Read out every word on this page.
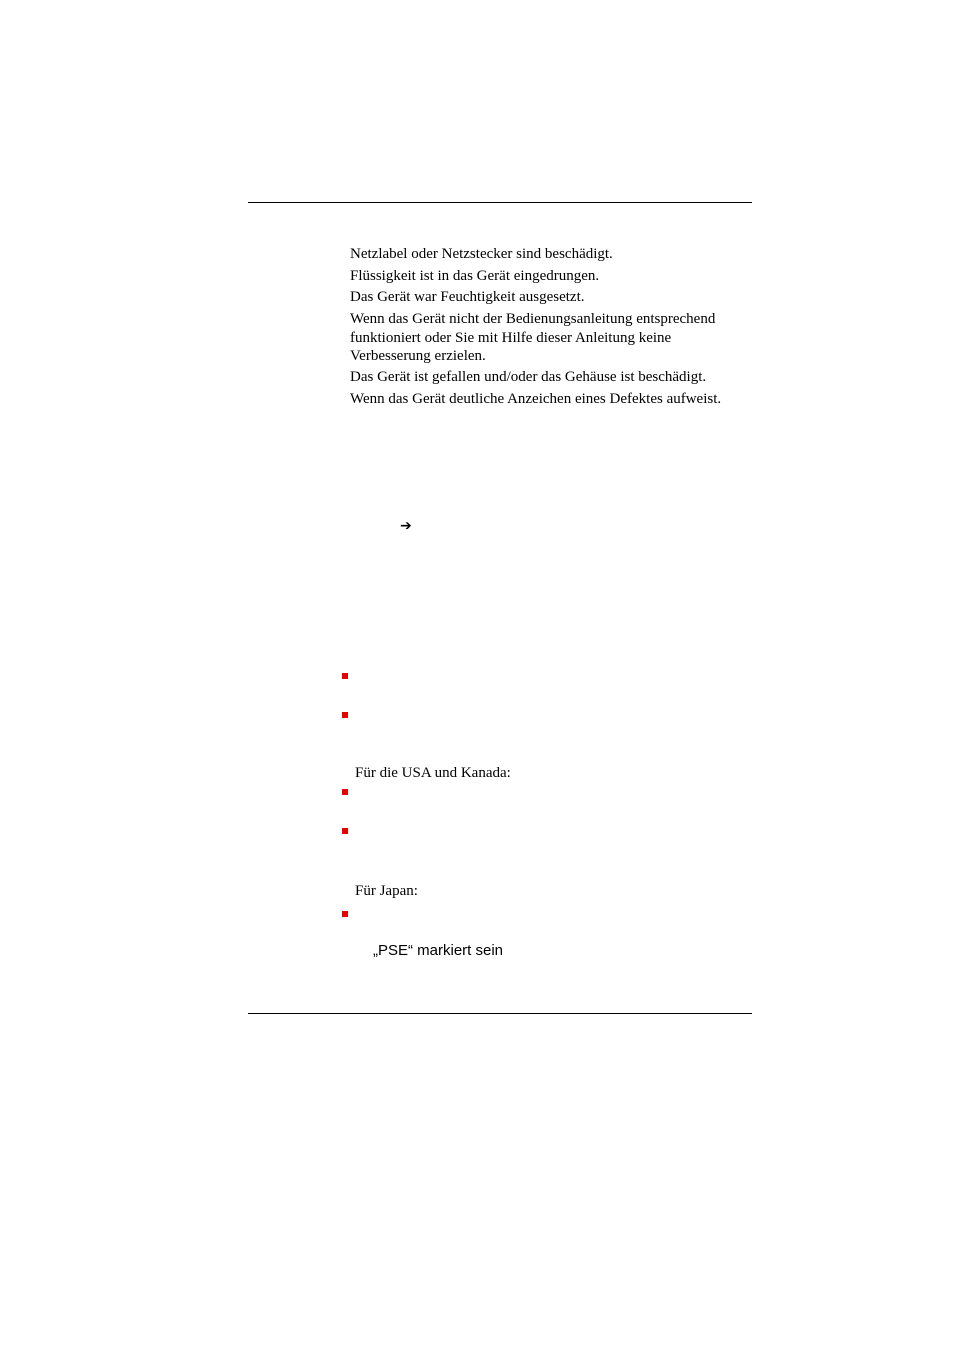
Netzlabel oder Netzstecker sind beschädigt.
Flüssigkeit ist in das Gerät eingedrungen.
Das Gerät war Feuchtigkeit ausgesetzt.
Wenn das Gerät nicht der Bedienungsanleitung entsprechend funktioniert oder Sie mit Hilfe dieser Anleitung keine Verbesserung erzielen.
Das Gerät ist gefallen und/oder das Gehäuse ist beschädigt.
Wenn das Gerät deutliche Anzeichen eines Defektes aufweist.
➔
Für die USA und Kanada:
Für Japan:
„PSE“ markiert sein
